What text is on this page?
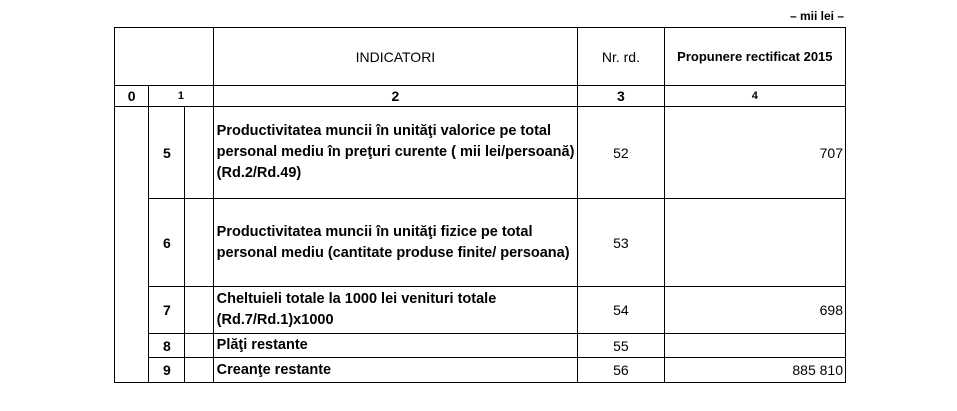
– mii lei –
			INDICATORI	Nr. rd.	Propunere rectificat 2015
0	1		2	3	4
	5		Productivitatea muncii în unităţi valorice pe total personal mediu în preţuri curente ( mii lei/persoană) (Rd.2/Rd.49)	52	707
	6		Productivitatea muncii în unităţi fizice pe total personal mediu (cantitate produse finite/ persoana)	53	
	7		Cheltuieli totale la 1000 lei venituri totale (Rd.7/Rd.1)x1000	54	698
	8		Plăţi restante	55	
	9		Creanţe restante	56	885 810
